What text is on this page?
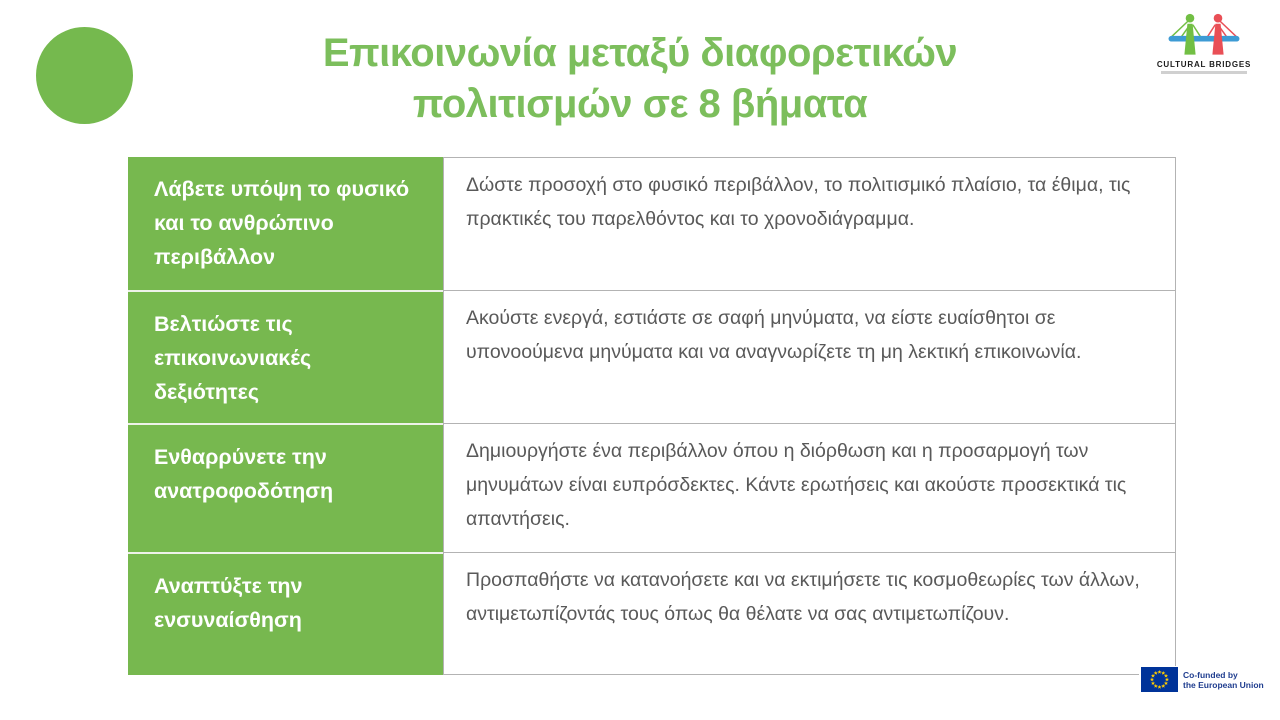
Επικοινωνία μεταξύ διαφορετικών
πολιτισμών σε 8 βήματα
CULTURAL BRIDGES
Λάβετε υπόψη το φυσικό και το ανθρώπινο περιβάλλον
Δώστε προσοχή στο φυσικό περιβάλλον, το πολιτισμικό πλαίσιο, τα έθιμα, τις πρακτικές του παρελθόντος και το χρονοδιάγραμμα.
Βελτιώστε τις επικοινωνιακές δεξιότητες
Ακούστε ενεργά, εστιάστε σε σαφή μηνύματα, να είστε ευαίσθητοι σε υπονοούμενα μηνύματα και να αναγνωρίζετε τη μη λεκτική επικοινωνία.
Ενθαρρύνετε την ανατροφοδότηση
Δημιουργήστε ένα περιβάλλον όπου η διόρθωση και η προσαρμογή των μηνυμάτων είναι ευπρόσδεκτες. Κάντε ερωτήσεις και ακούστε προσεκτικά τις απαντήσεις.
Αναπτύξτε την ενσυναίσθηση
Προσπαθήστε να κατανοήσετε και να εκτιμήσετε τις κοσμοθεωρίες των άλλων, αντιμετωπίζοντάς τους όπως θα θέλατε να σας αντιμετωπίζουν.
Co-funded by
the European Union
